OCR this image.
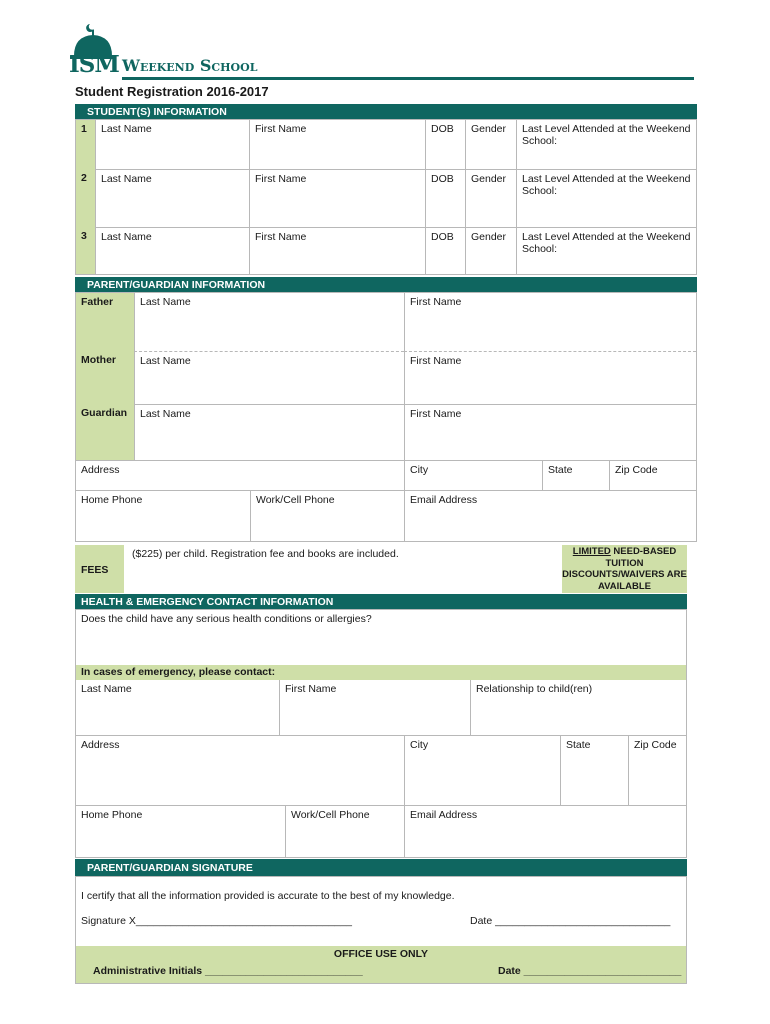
ISM Weekend School
Student Registration 2016-2017
STUDENT(S) INFORMATION
1	Last Name	First Name	DOB	Gender	Last Level Attended at the Weekend School:
2	Last Name	First Name	DOB	Gender	Last Level Attended at the Weekend School:
3	Last Name	First Name	DOB	Gender	Last Level Attended at the Weekend School:
PARENT/GUARDIAN INFORMATION
Father	Last Name	First Name
Mother	Last Name	First Name
Guardian	Last Name	First Name
Address	City	State	Zip Code
Home Phone	Work/Cell Phone	Email Address
FEES
($225) per child. Registration fee and books are included.	LIMITED NEED-BASED TUITION DISCOUNTS/WAIVERS ARE AVAILABLE
HEALTH & EMERGENCY CONTACT INFORMATION
Does the child have any serious health conditions or allergies?
In cases of emergency, please contact:
Last Name	First Name	Relationship to child(ren)
Address	City	State	Zip Code
Home Phone	Work/Cell Phone	Email Address
PARENT/GUARDIAN SIGNATURE
I certify that all the information provided is accurate to the best of my knowledge.
Signature X_____________________________________	Date ______________________________
OFFICE USE ONLY
Administrative Initials ___________________________	Date ___________________________
